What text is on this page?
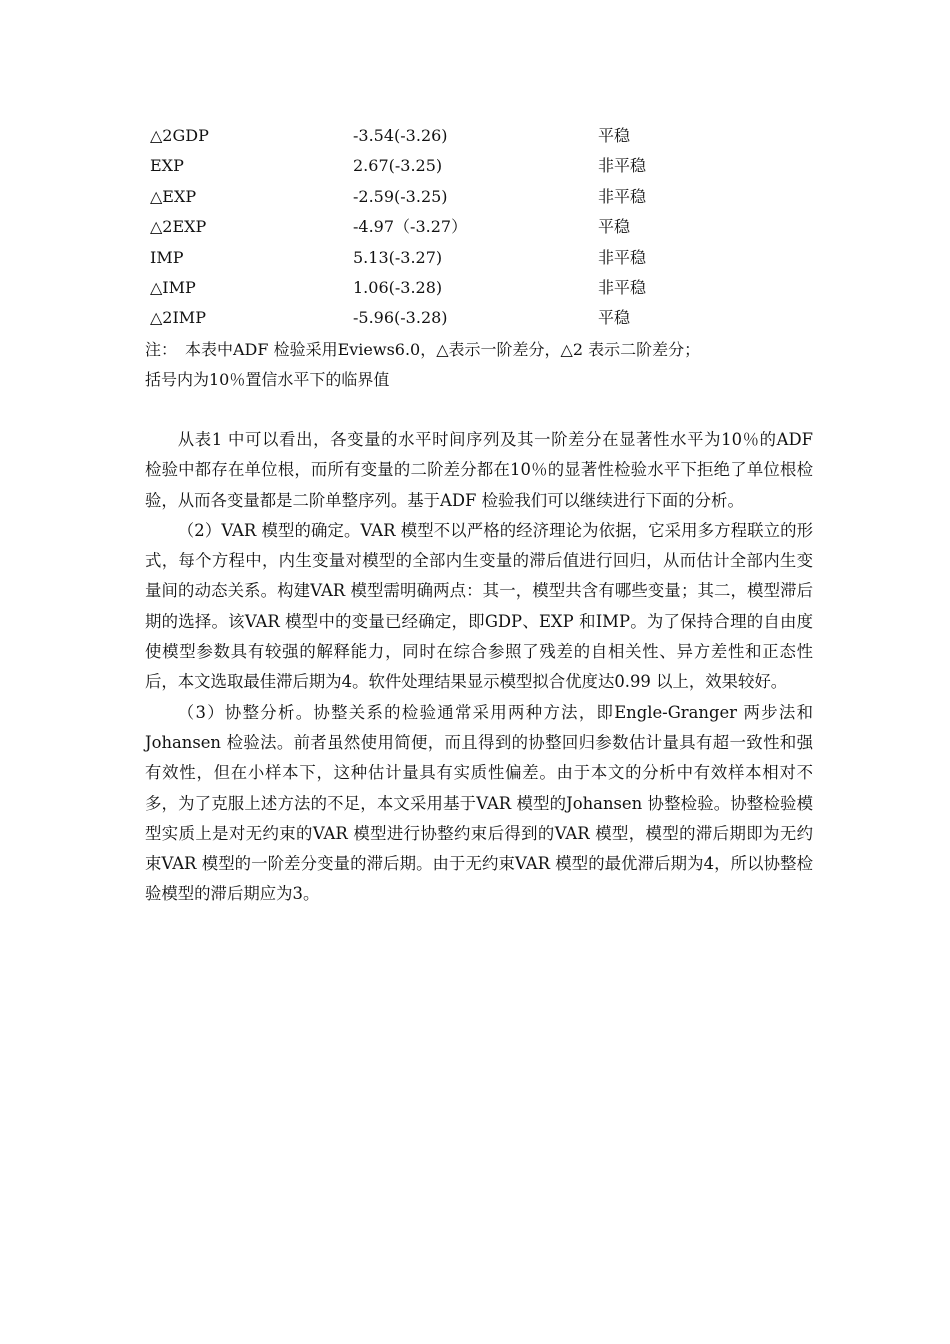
△2GDP	-3.54(-3.26)	平稳
EXP	2.67(-3.25)	非平稳
△EXP	-2.59(-3.25)	非平稳
△2EXP	-4.97（-3.27）	平稳
IMP	5.13(-3.27)	非平稳
△IMP	1.06(-3.28)	非平稳
△2IMP	-5.96(-3.28)	平稳

注：　本表中ADF 检验采用Eviews6.0，△表示一阶差分，△2 表示二阶差分；

括号内为10％置信水平下的临界值

从表1 中可以看出，各变量的水平时间序列及其一阶差分在显著性水平为10％的ADF 检验中都存在单位根，而所有变量的二阶差分都在10％的显著性检验水平下拒绝了单位根检验，从而各变量都是二阶单整序列。基于ADF 检验我们可以继续进行下面的分析。

（2）VAR 模型的确定。VAR 模型不以严格的经济理论为依据，它采用多方程联立的形式，每个方程中，内生变量对模型的全部内生变量的滞后值进行回归，从而估计全部内生变量间的动态关系。构建VAR 模型需明确两点：其一，模型共含有哪些变量；其二，模型滞后期的选择。该VAR 模型中的变量已经确定，即GDP、EXP 和IMP。为了保持合理的自由度使模型参数具有较强的解释能力，同时在综合参照了残差的自相关性、异方差性和正态性后，本文选取最佳滞后期为4。软件处理结果显示模型拟合优度达0.99 以上，效果较好。

（3）协整分析。协整关系的检验通常采用两种方法，即Engle-Granger 两步法和Johansen 检验法。前者虽然使用简便，而且得到的协整回归参数估计量具有超一致性和强有效性，但在小样本下，这种估计量具有实质性偏差。由于本文的分析中有效样本相对不多，为了克服上述方法的不足，本文采用基于VAR 模型的Johansen 协整检验。协整检验模型实质上是对无约束的VAR 模型进行协整约束后得到的VAR 模型，模型的滞后期即为无约束VAR 模型的一阶差分变量的滞后期。由于无约束VAR 模型的最优滞后期为4，所以协整检验模型的滞后期应为3。
